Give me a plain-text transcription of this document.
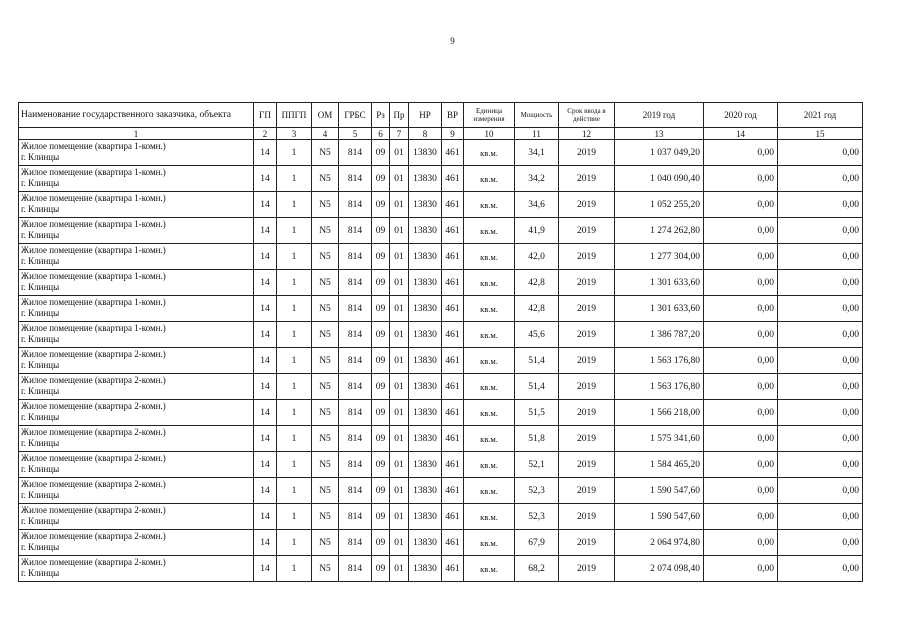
9
Наименование государственного заказчика, объекта	ГП	ППГП	ОМ	ГРБС	Рз	Пр	НР	ВР	Единица измерения	Мощность	Срок ввода в действие	2019 год	2020 год	2021 год
1	2	3	4	5	6	7	8	9	10	11	12	13	14	15

Жилое помещение (квартира 1-комн.)
г. Клинцы	14	1	N5	814	09	01	13830	461	кв.м.	34,1	2019	1 037 049,20	0,00	0,00

Жилое помещение (квартира 1-комн.)
г. Клинцы	14	1	N5	814	09	01	13830	461	кв.м.	34,2	2019	1 040 090,40	0,00	0,00

Жилое помещение (квартира 1-комн.)
г. Клинцы	14	1	N5	814	09	01	13830	461	кв.м.	34,6	2019	1 052 255,20	0,00	0,00

Жилое помещение (квартира 1-комн.)
г. Клинцы	14	1	N5	814	09	01	13830	461	кв.м.	41,9	2019	1 274 262,80	0,00	0,00

Жилое помещение (квартира 1-комн.)
г. Клинцы	14	1	N5	814	09	01	13830	461	кв.м.	42,0	2019	1 277 304,00	0,00	0,00

Жилое помещение (квартира 1-комн.)
г. Клинцы	14	1	N5	814	09	01	13830	461	кв.м.	42,8	2019	1 301 633,60	0,00	0,00

Жилое помещение (квартира 1-комн.)
г. Клинцы	14	1	N5	814	09	01	13830	461	кв.м.	42,8	2019	1 301 633,60	0,00	0,00

Жилое помещение (квартира 1-комн.)
г. Клинцы	14	1	N5	814	09	01	13830	461	кв.м.	45,6	2019	1 386 787,20	0,00	0,00

Жилое помещение (квартира 2-комн.)
г. Клинцы	14	1	N5	814	09	01	13830	461	кв.м.	51,4	2019	1 563 176,80	0,00	0,00

Жилое помещение (квартира 2-комн.)
г. Клинцы	14	1	N5	814	09	01	13830	461	кв.м.	51,4	2019	1 563 176,80	0,00	0,00

Жилое помещение (квартира 2-комн.)
г. Клинцы	14	1	N5	814	09	01	13830	461	кв.м.	51,5	2019	1 566 218,00	0,00	0,00

Жилое помещение (квартира 2-комн.)
г. Клинцы	14	1	N5	814	09	01	13830	461	кв.м.	51,8	2019	1 575 341,60	0,00	0,00

Жилое помещение (квартира 2-комн.)
г. Клинцы	14	1	N5	814	09	01	13830	461	кв.м.	52,1	2019	1 584 465,20	0,00	0,00

Жилое помещение (квартира 2-комн.)
г. Клинцы	14	1	N5	814	09	01	13830	461	кв.м.	52,3	2019	1 590 547,60	0,00	0,00

Жилое помещение (квартира 2-комн.)
г. Клинцы	14	1	N5	814	09	01	13830	461	кв.м.	52,3	2019	1 590 547,60	0,00	0,00

Жилое помещение (квартира 2-комн.)
г. Клинцы	14	1	N5	814	09	01	13830	461	кв.м.	67,9	2019	2 064 974,80	0,00	0,00

Жилое помещение (квартира 2-комн.)
г. Клинцы	14	1	N5	814	09	01	13830	461	кв.м.	68,2	2019	2 074 098,40	0,00	0,00
